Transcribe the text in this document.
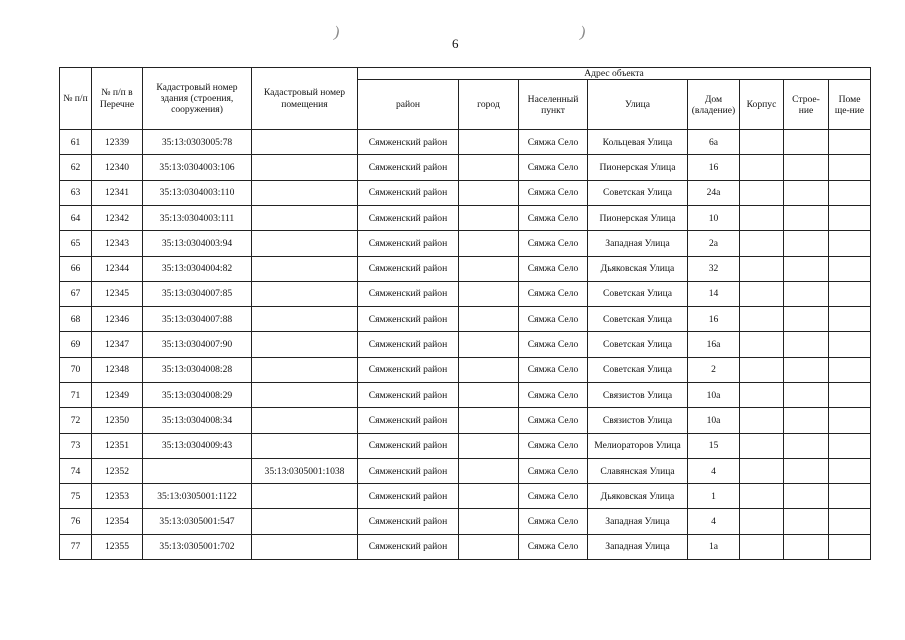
)	)
6
№ п/п	№ п/п в Перечне	Кадастровый номер здания (строения, сооружения)	Кадастровый номер помещения	Адрес объекта							
				район	город	Населенный пункт	Улица	Дом (владение)	Корпус	Строе-ние	Поме ще-ние
61	12339	35:13:0303005:78		Сямженский район		Сямжа Село	Кольцевая Улица	6а			
62	12340	35:13:0304003:106		Сямженский район		Сямжа Село	Пионерская Улица	16			
63	12341	35:13:0304003:110		Сямженский район		Сямжа Село	Советская Улица	24а			
64	12342	35:13:0304003:111		Сямженский район		Сямжа Село	Пионерская Улица	10			
65	12343	35:13:0304003:94		Сямженский район		Сямжа Село	Западная Улица	2а			
66	12344	35:13:0304004:82		Сямженский район		Сямжа Село	Дьяковская Улица	32			
67	12345	35:13:0304007:85		Сямженский район		Сямжа Село	Советская Улица	14			
68	12346	35:13:0304007:88		Сямженский район		Сямжа Село	Советская Улица	16			
69	12347	35:13:0304007:90		Сямженский район		Сямжа Село	Советская Улица	16а			
70	12348	35:13:0304008:28		Сямженский район		Сямжа Село	Советская Улица	2			
71	12349	35:13:0304008:29		Сямженский район		Сямжа Село	Связистов Улица	10а			
72	12350	35:13:0304008:34		Сямженский район		Сямжа Село	Связистов Улица	10а			
73	12351	35:13:0304009:43		Сямженский район		Сямжа Село	Мелиораторов Улица	15			
74	12352		35:13:0305001:1038	Сямженский район		Сямжа Село	Славянская Улица	4			
75	12353	35:13:0305001:1122		Сямженский район		Сямжа Село	Дьяковская Улица	1			
76	12354	35:13:0305001:547		Сямженский район		Сямжа Село	Западная Улица	4			
77	12355	35:13:0305001:702		Сямженский район		Сямжа Село	Западная Улица	1а			
